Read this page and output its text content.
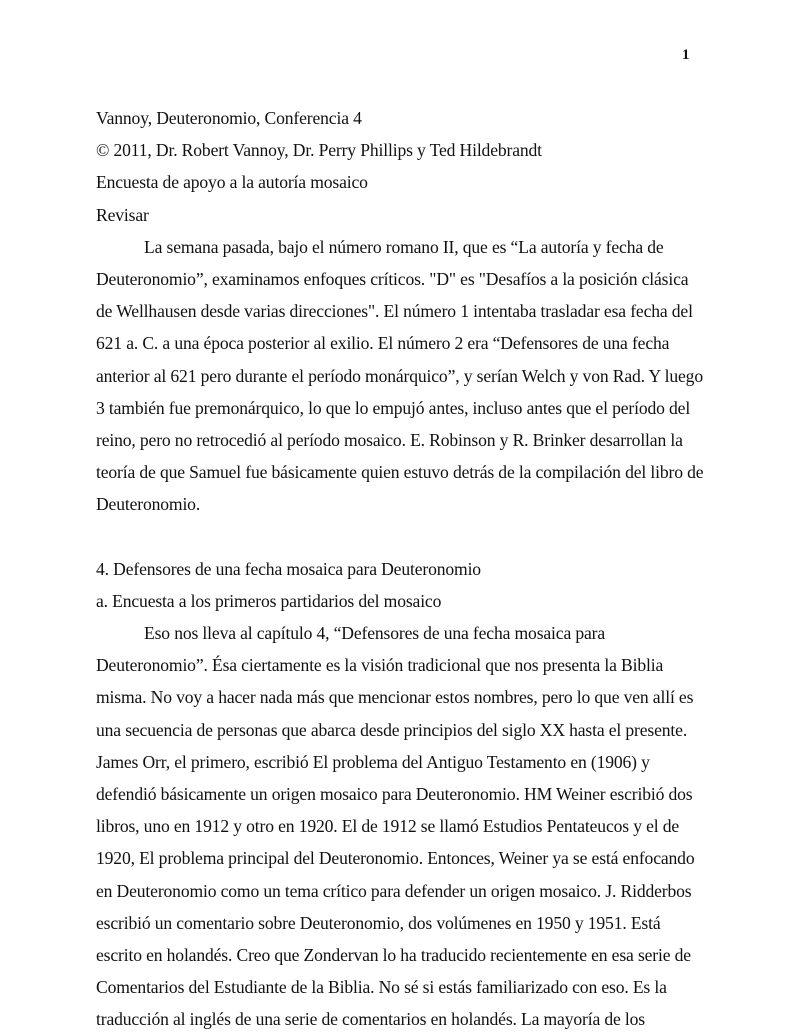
1
Vannoy, Deuteronomio, Conferencia 4
© 2011, Dr. Robert Vannoy, Dr. Perry Phillips y Ted Hildebrandt
Encuesta de apoyo a la autoría mosaico
Revisar
La semana pasada, bajo el número romano II, que es “La autoría y fecha de
Deuteronomio”, examinamos enfoques críticos. "D" es "Desafíos a la posición clásica
de Wellhausen desde varias direcciones". El número 1 intentaba trasladar esa fecha del
621 a. C. a una época posterior al exilio. El número 2 era “Defensores de una fecha
anterior al 621 pero durante el período monárquico”, y serían Welch y von Rad. Y luego
3 también fue premonárquico, lo que lo empujó antes, incluso antes que el período del
reino, pero no retrocedió al período mosaico. E. Robinson y R. Brinker desarrollan la
teoría de que Samuel fue básicamente quien estuvo detrás de la compilación del libro de
Deuteronomio.
4. Defensores de una fecha mosaica para Deuteronomio
a. Encuesta a los primeros partidarios del mosaico
Eso nos lleva al capítulo 4, “Defensores de una fecha mosaica para
Deuteronomio”. Ésa ciertamente es la visión tradicional que nos presenta la Biblia
misma. No voy a hacer nada más que mencionar estos nombres, pero lo que ven allí es
una secuencia de personas que abarca desde principios del siglo XX hasta el presente.
James Orr, el primero, escribió El problema del Antiguo Testamento en (1906) y
defendió básicamente un origen mosaico para Deuteronomio. HM Weiner escribió dos
libros, uno en 1912 y otro en 1920. El de 1912 se llamó Estudios Pentateucos y el de
1920, El problema principal del Deuteronomio. Entonces, Weiner ya se está enfocando
en Deuteronomio como un tema crítico para defender un origen mosaico. J. Ridderbos
escribió un comentario sobre Deuteronomio, dos volúmenes en 1950 y 1951. Está
escrito en holandés. Creo que Zondervan lo ha traducido recientemente en esa serie de
Comentarios del Estudiante de la Biblia. No sé si estás familiarizado con eso. Es la
traducción al inglés de una serie de comentarios en holandés. La mayoría de los
